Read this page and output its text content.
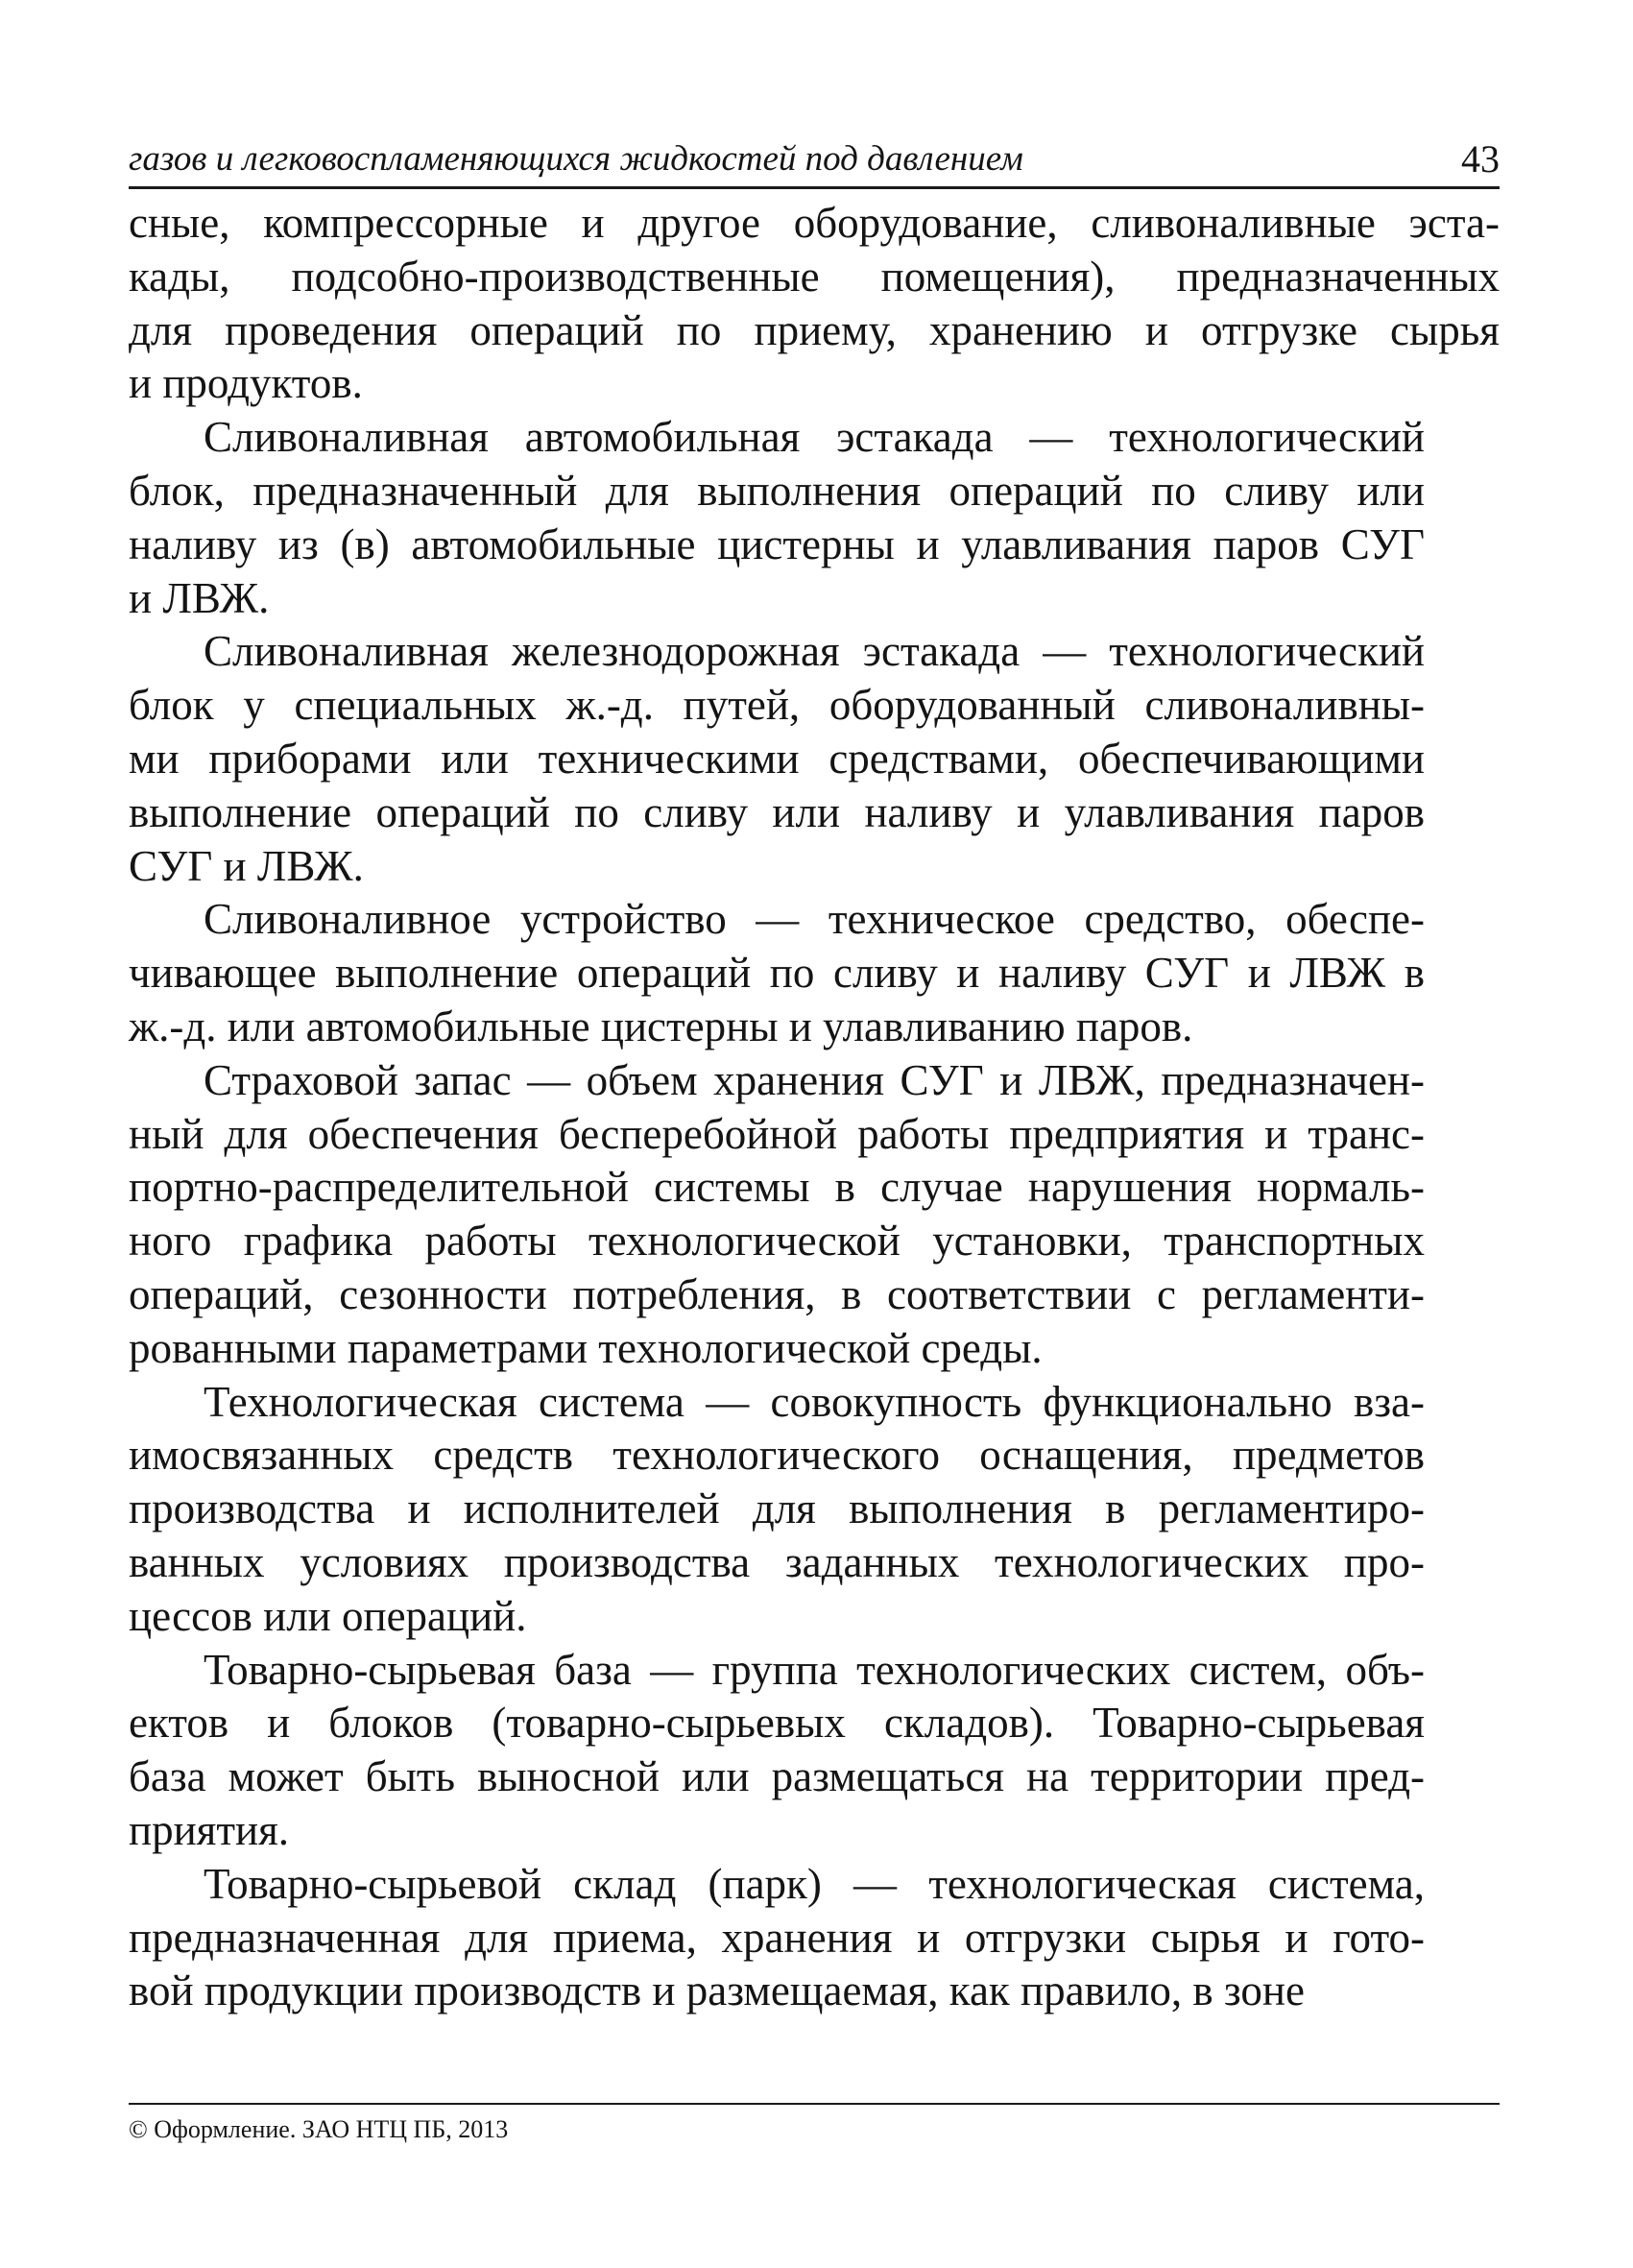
газов и легковоспламеняющихся жидкостей под давлением	43

сные, компрессорные и другое оборудование, сливоналивные эста-
кады, подсобно-производственные помещения), предназначенных
для проведения операций по приему, хранению и отгрузке сырья
и продуктов.

Сливоналивная автомобильная эстакада — технологический
блок, предназначенный для выполнения операций по сливу или
наливу из (в) автомобильные цистерны и улавливания паров СУГ
и ЛВЖ.

Сливоналивная железнодорожная эстакада — технологический
блок у специальных ж.-д. путей, оборудованный сливоналивны-
ми приборами или техническими средствами, обеспечивающими
выполнение операций по сливу или наливу и улавливания паров
СУГ и ЛВЖ.

Сливоналивное устройство — техническое средство, обеспе-
чивающее выполнение операций по сливу и наливу СУГ и ЛВЖ в
ж.-д. или автомобильные цистерны и улавливанию паров.

Страховой запас — объем хранения СУГ и ЛВЖ, предназначен-
ный для обеспечения бесперебойной работы предприятия и транс-
портно-распределительной системы в случае нарушения нормаль-
ного графика работы технологической установки, транспортных
операций, сезонности потребления, в соответствии с регламенти-
рованными параметрами технологической среды.

Технологическая система — совокупность функционально вза-
имосвязанных средств технологического оснащения, предметов
производства и исполнителей для выполнения в регламентиро-
ванных условиях производства заданных технологических про-
цессов или операций.

Товарно-сырьевая база — группа технологических систем, объ-
ектов и блоков (товарно-сырьевых складов). Товарно-сырьевая
база может быть выносной или размещаться на территории пред-
приятия.

Товарно-сырьевой склад (парк) — технологическая система,
предназначенная для приема, хранения и отгрузки сырья и гото-
вой продукции производств и размещаемая, как правило, в зоне

© Оформление. ЗАО НТЦ ПБ, 2013
